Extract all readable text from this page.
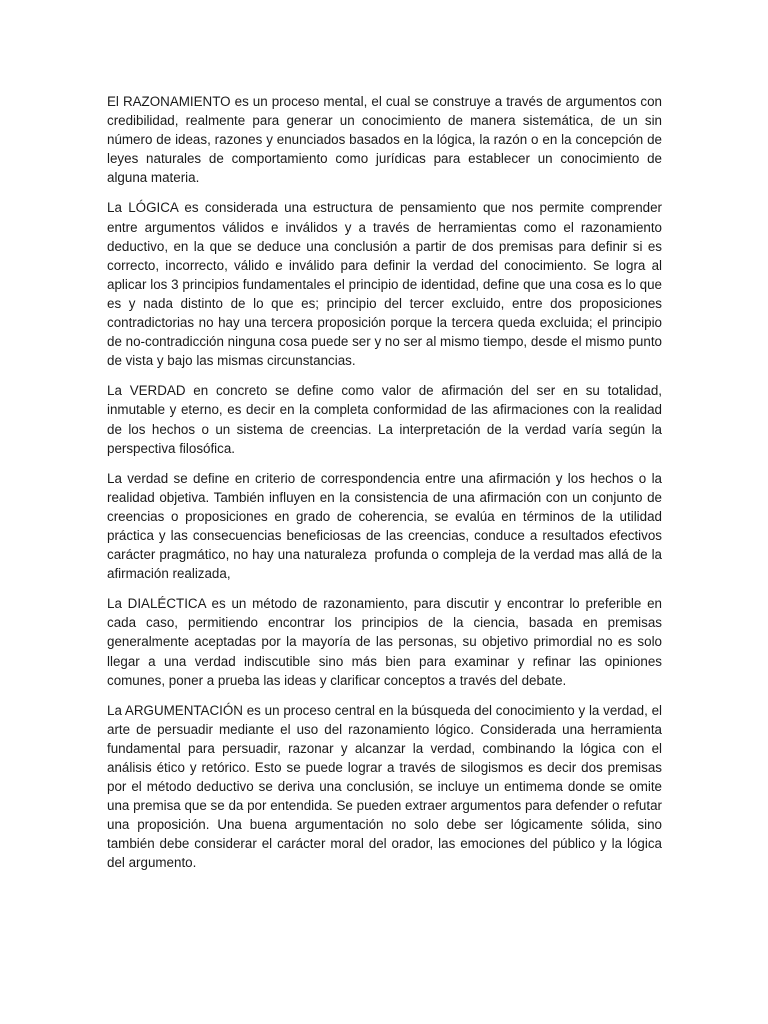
El RAZONAMIENTO es un proceso mental, el cual se construye a través de argumentos con credibilidad, realmente para generar un conocimiento de manera sistemática, de un sin número de ideas, razones y enunciados basados en la lógica, la razón o en la concepción de  leyes naturales de comportamiento como jurídicas para establecer un conocimiento de alguna materia.

La LÓGICA es considerada una estructura de pensamiento que nos permite comprender entre argumentos válidos e inválidos y a través de herramientas como el razonamiento deductivo, en la que se deduce una conclusión a partir de dos premisas para definir si es correcto, incorrecto, válido e inválido para definir la verdad del conocimiento. Se logra al aplicar los 3 principios fundamentales el principio de identidad, define que una cosa es lo que es y nada distinto de lo que es; principio del tercer excluido, entre dos proposiciones contradictorias no hay una tercera proposición porque la tercera queda excluida; el principio de no-contradicción ninguna cosa puede ser y no ser al mismo tiempo, desde el mismo punto de vista y bajo las mismas circunstancias.

La VERDAD en concreto se define como valor de afirmación del ser en su totalidad, inmutable y eterno, es decir en la completa conformidad de las afirmaciones con la realidad de los hechos o un sistema de creencias. La interpretación de la verdad varía según la perspectiva filosófica.

La verdad se define en criterio de correspondencia entre una afirmación y los hechos o la realidad objetiva. También influyen en la consistencia de una afirmación con un conjunto de creencias o proposiciones en grado de coherencia, se evalúa en términos de la utilidad práctica y las consecuencias beneficiosas de las creencias, conduce a resultados efectivos carácter pragmático, no hay una naturaleza  profunda o compleja de la verdad mas allá de la afirmación realizada,

La DIALÉCTICA es un método de razonamiento, para discutir y encontrar lo preferible en cada caso, permitiendo encontrar los principios de la ciencia, basada en premisas generalmente aceptadas por la mayoría de las personas, su objetivo primordial no es solo llegar a una verdad indiscutible sino más bien para examinar y refinar las opiniones comunes, poner a prueba las ideas y clarificar conceptos a través del debate.

La ARGUMENTACIÓN es un proceso central en la búsqueda del conocimiento y la verdad, el arte de persuadir mediante el uso del razonamiento lógico. Considerada una herramienta fundamental para persuadir, razonar y alcanzar la verdad, combinando la lógica con el análisis ético y retórico. Esto se puede lograr a través de silogismos es decir dos premisas por el método deductivo se deriva una conclusión, se incluye un entimema donde se omite una premisa que se da por entendida. Se pueden extraer argumentos para defender o refutar una proposición. Una buena argumentación no solo debe ser lógicamente sólida, sino también debe considerar el carácter moral del orador, las emociones del público y la lógica del argumento.
